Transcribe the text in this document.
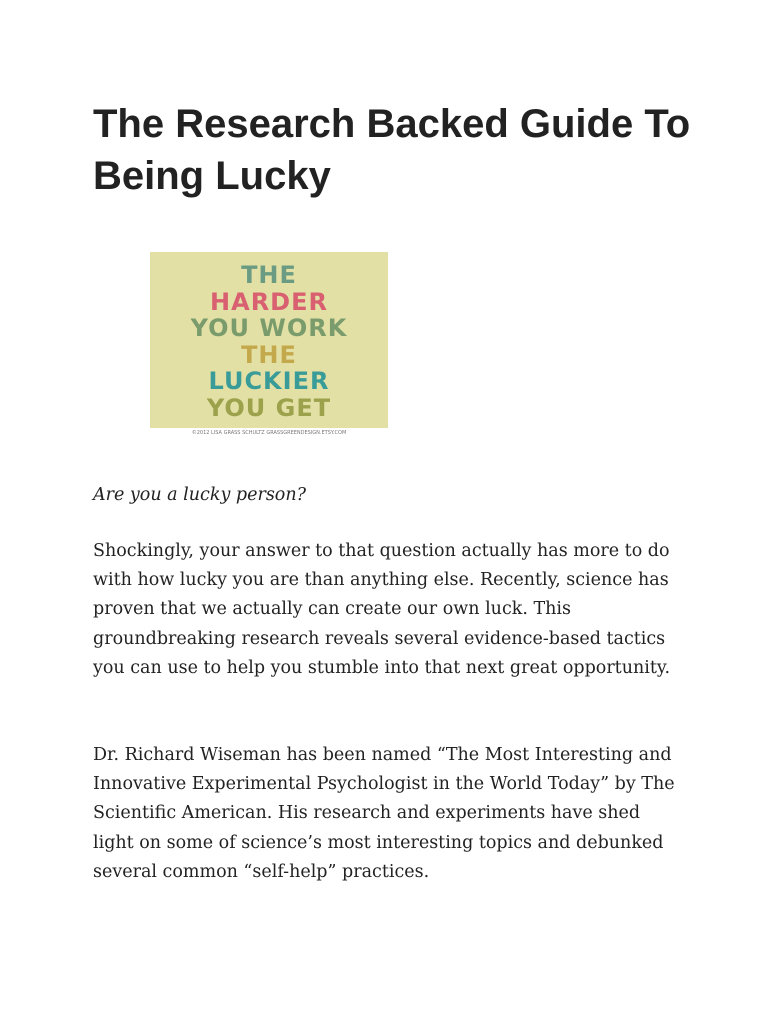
The Research Backed Guide To Being Lucky
THE
HARDER
YOU WORK
THE
LUCKIER
YOU GET
©2012 LISA GRASS SCHULTZ GRASSGREENDESIGN.ETSY.COM

Are you a lucky person?

Shockingly, your answer to that question actually has more to do with how lucky you are than anything else. Recently, science has proven that we actually can create our own luck. This groundbreaking research reveals several evidence-based tactics you can use to help you stumble into that next great opportunity.

Dr. Richard Wiseman has been named “The Most Interesting and Innovative Experimental Psychologist in the World Today” by The Scientific American. His research and experiments have shed light on some of science’s most interesting topics and debunked several common “self-help” practices.
